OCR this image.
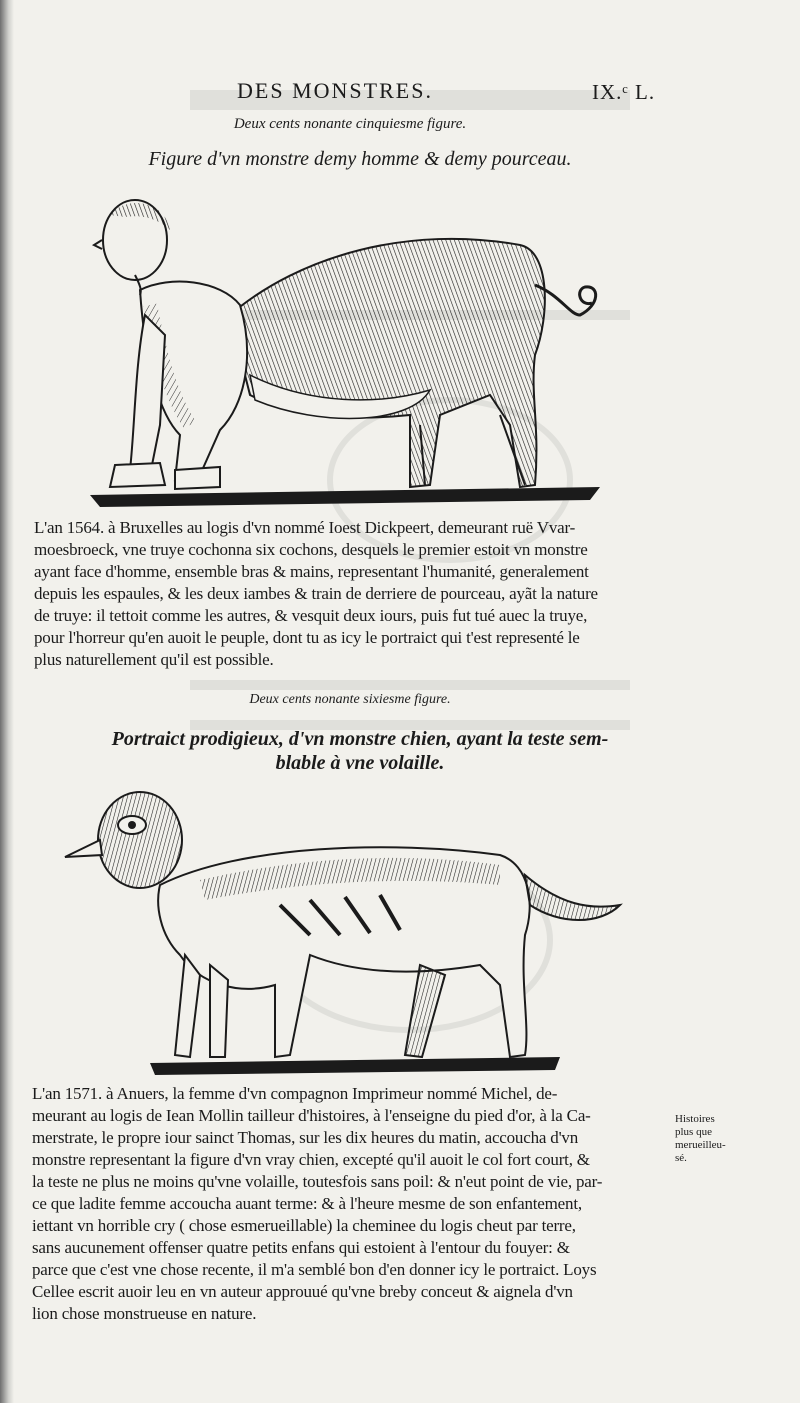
DES MONSTRES.	IX.ᶜ L.
Deux cents nonante cinquiesme figure.
Figure d'vn monstre demy homme & demy pourceau.
L'an 1564. à Bruxelles au logis d'vn nommé Ioest Dickpeert, demeurant ruë Vvar-
moesbroeck, vne truye cochonna six cochons, desquels le premier estoit vn monstre
ayant face d'homme, ensemble bras & mains, representant l'humanité, generalement
depuis les espaules, & les deux iambes & train de derriere de pourceau, ayãt la nature
de truye: il tettoit comme les autres, & vesquit deux iours, puis fut tué auec la truye,
pour l'horreur qu'en auoit le peuple, dont tu as icy le portraict qui t'est representé le
plus naturellement qu'il est possible.
Deux cents nonante sixiesme figure.
Portraict prodigieux, d'vn monstre chien, ayant la teste sem-
blable à vne volaille.
L'an 1571. à Anuers, la femme d'vn compagnon Imprimeur nommé Michel, de-
meurant au logis de Iean Mollin tailleur d'histoires, à l'enseigne du pied d'or, à la Ca-
merstrate, le propre iour sainct Thomas, sur les dix heures du matin, accoucha d'vn
monstre representant la figure d'vn vray chien, excepté qu'il auoit le col fort court, &
la teste ne plus ne moins qu'vne volaille, toutesfois sans poil: & n'eut point de vie, par-
ce que ladite femme accoucha auant terme: & à l'heure mesme de son enfantement,
iettant vn horrible cry ( chose esmerueillable) la cheminee du logis cheut par terre,
sans aucunement offenser quatre petits enfans qui estoient à l'entour du fouyer: &
parce que c'est vne chose recente, il m'a semblé bon d'en donner icy le portraict. Loys
Cellee escrit auoir leu en vn auteur approuué qu'vne breby conceut & aignela d'vn
lion chose monstrueuse en nature.
Histoires
plus que
merueilleu-
sé.
